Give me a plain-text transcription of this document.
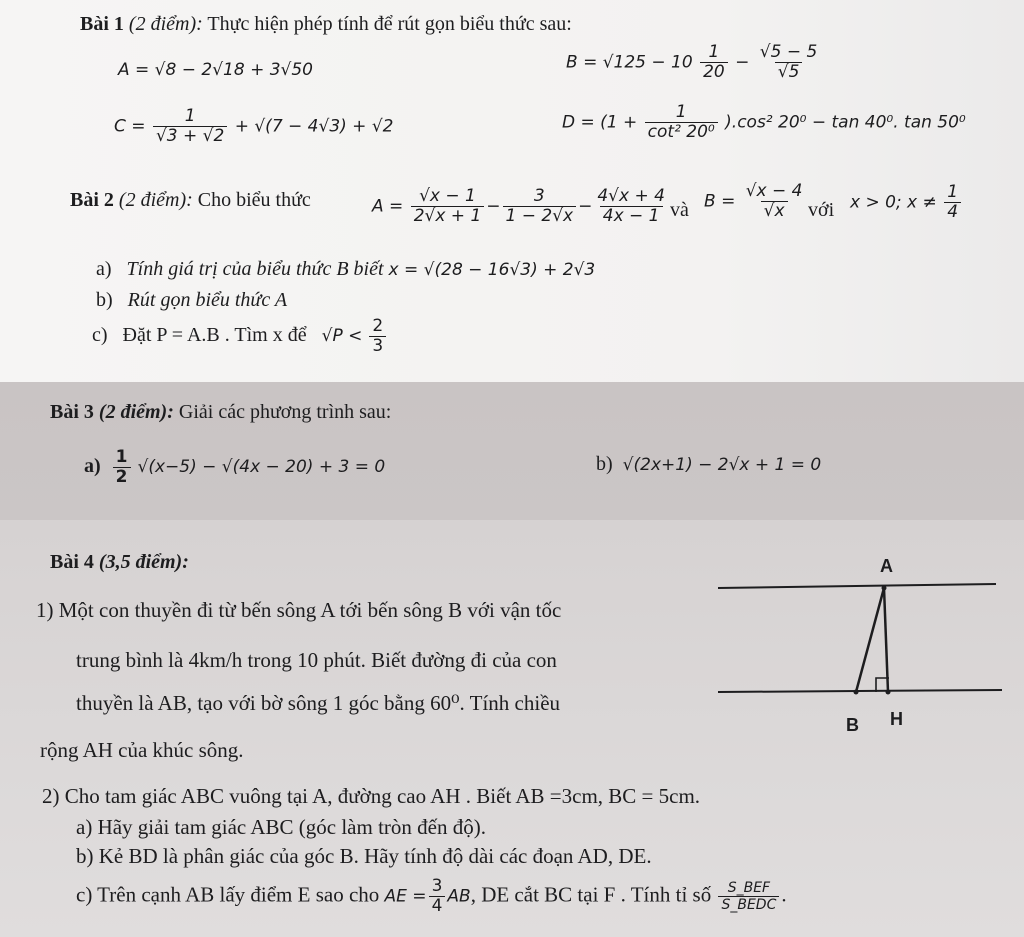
Bài 1 (2 điểm): Thực hiện phép tính để rút gọn biểu thức sau:
A = √8 − 2√18 + 3√50	$B = √125 - 10 \frac{1}{20} - \frac{√5 - 5}{√5}$
$C = \frac{1}{√3 + √2} + √(7 - 4√3) + √2$	$D = (1 + \frac{1}{\text{cot² 20⁰}} ).\cos^2$ 20⁰ − tan 40⁰. tan 50⁰
Bài 2 (2 điểm): Cho biểu thức	$A = \frac{√x - 1}{2√x + 1} - \frac{3}{1 - 2√x} - \frac{4√x + 4}{4x - 1}$ và $B = \frac{√x - 4}{√x}$ với x > 0; $x \ne \frac{1}{4}$
a) Tính giá trị của biểu thức B biết x = √(28 − 16√3) + 2√3
b) Rút gọn biểu thức A
c) Đặt P = A.B . Tìm x để $√P < \frac{2}{3}$
Bài 3 (2 điểm): Giải các phương trình sau:
$a) \frac{1}{2} √(x-5) - √(4x - 20) + 3 = 0$	b) √(2x+1) − 2√x + 1 = 0
Bài 4 (3,5 điểm):
1) Một con thuyền đi từ bến sông A tới bến sông B với vận tốc
trung bình là 4km/h trong 10 phút. Biết đường đi của con
thuyền là AB, tạo với bờ sông 1 góc bằng 60⁰. Tính chiều
rộng AH của khúc sông.
2) Cho tam giác ABC vuông tại A, đường cao AH . Biết AB =3cm, BC = 5cm.
a) Hãy giải tam giác ABC (góc làm tròn đến độ).
b) Kẻ BD là phân giác của góc B. Hãy tính độ dài các đoạn AD, DE.
c) Trên cạnh AB lấy điểm E sao cho AE = $\frac{3}{4}$ AB, DE cắt BC tại F . Tính tỉ số $\frac{\text{S\_BEF}}{\text{S\_BEDC}}$ .
A
B H
